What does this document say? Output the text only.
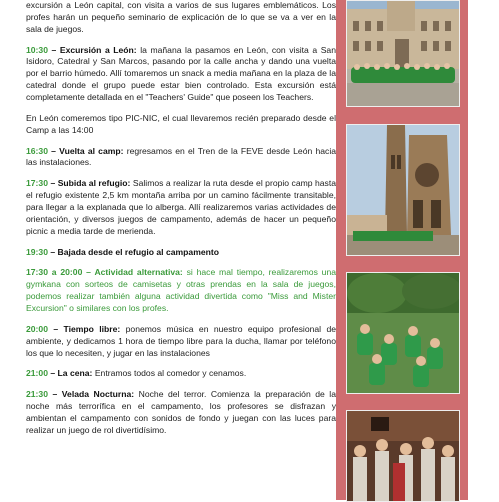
excursión a León capital, con visita a varios de sus lugares emblemáticos. Los profes harán un pequeño seminario de explicación de lo que se va a ver en la sala de juegos.

10:30 – Excursión a León: la mañana la pasamos en León, con visita a San Isidoro, Catedral y San Marcos, pasando por la calle ancha y dando una vuelta por el barrio húmedo. Allí tomaremos un snack a media mañana en la plaza de la catedral donde el grupo puede estar bien controlado. Esta excursión está completamente detallada en el "Teachers' Guide" que poseen los Teachers.

En León comeremos tipo PIC-NIC, el cual llevaremos recién preparado desde el Camp a las 14:00

16:30 – Vuelta al camp: regresamos en el Tren de la FEVE desde León hacia las instalaciones.

17:30 – Subida al refugio: Salimos a realizar la ruta desde el propio camp hasta el refugio existente 2,5 km montaña arriba por un camino fácilmente transitable, para llegar a la explanada que lo alberga. Allí realizaremos varias actividades de orientación, y diversos juegos de campamento, además de hacer un pequeño picnic a media tarde de merienda.

19:30 – Bajada desde el refugio al campamento

17:30 a 20:00 – Actividad alternativa: si hace mal tiempo, realizaremos una gymkana con sorteos de camisetas y otras prendas en la sala de juegos, podemos realizar también alguna actividad divertida como "Miss and Mister Excursion" o similares con los profes.

20:00 – Tiempo libre: ponemos música en nuestro equipo profesional de ambiente, y dedicamos 1 hora de tiempo libre para la ducha, llamar por teléfono los que lo necesiten, y jugar en las instalaciones

21:00 – La cena: Entramos todos al comedor y cenamos.

21:30 – Velada Nocturna: Noche del terror. Comienza la preparación de la noche más terrorífica en el campamento, los profesores se disfrazan y ambientan el campamento con sonidos de fondo y juegan con las luces para realizar un juego de rol divertidísimo.
